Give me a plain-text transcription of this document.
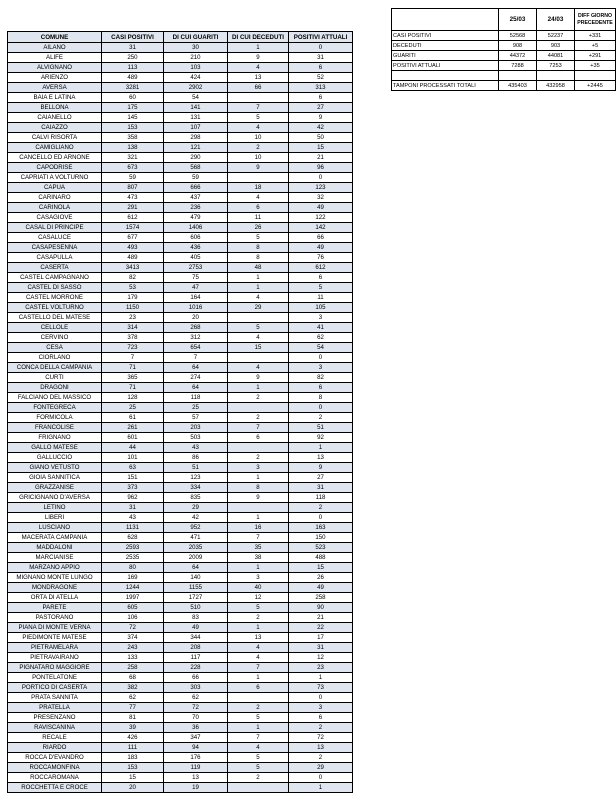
COMUNE	CASI POSITIVI	DI CUI GUARITI	DI CUI DECEDUTI	POSITIVI ATTUALI
AILANO	31	30	1	0
ALIFE	250	210	9	31
ALVIGNANO	113	103	4	6
ARIENZO	489	424	13	52
AVERSA	3281	2902	66	313
BAIA E LATINA	60	54		6
BELLONA	175	141	7	27
CAIANELLO	145	131	5	9
CAIAZZO	153	107	4	42
CALVI RISORTA	358	298	10	50
CAMIGLIANO	138	121	2	15
CANCELLO ED ARNONE	321	290	10	21
CAPODRISE	673	568	9	96
CAPRIATI A VOLTURNO	59	59		0
CAPUA	807	666	18	123
CARINARO	473	437	4	32
CARINOLA	291	236	6	49
CASAGIOVE	612	479	11	122
CASAL DI PRINCIPE	1574	1406	26	142
CASALUCE	677	606	5	66
CASAPESENNA	493	436	8	49
CASAPULLA	489	405	8	76
CASERTA	3413	2753	48	612
CASTEL CAMPAGNANO	82	75	1	6
CASTEL DI SASSO	53	47	1	5
CASTEL MORRONE	179	164	4	11
CASTEL VOLTURNO	1150	1016	29	105
CASTELLO DEL MATESE	23	20		3
CELLOLE	314	268	5	41
CERVINO	378	312	4	62
CESA	723	654	15	54
CIORLANO	7	7		0
CONCA DELLA CAMPANIA	71	64	4	3
CURTI	365	274	9	82
DRAGONI	71	64	1	6
FALCIANO DEL MASSICO	128	118	2	8
FONTEGRECA	25	25		0
FORMICOLA	61	57	2	2
FRANCOLISE	261	203	7	51
FRIGNANO	601	503	6	92
GALLO MATESE	44	43		1
GALLUCCIO	101	86	2	13
GIANO VETUSTO	63	51	3	9
GIOIA SANNITICA	151	123	1	27
GRAZZANISE	373	334	8	31
GRICIGNANO D'AVERSA	962	835	9	118
LETINO	31	29		2
LIBERI	43	42	1	0
LUSCIANO	1131	952	16	163
MACERATA CAMPANIA	628	471	7	150
MADDALONI	2593	2035	35	523
MARCIANISE	2535	2009	38	488
MARZANO APPIO	80	64	1	15
MIGNANO MONTE LUNGO	169	140	3	26
MONDRAGONE	1244	1155	40	49
ORTA DI ATELLA	1997	1727	12	258
PARETE	605	510	5	90
PASTORANO	106	83	2	21
PIANA DI MONTE VERNA	72	49	1	22
PIEDIMONTE MATESE	374	344	13	17
PIETRAMELARA	243	208	4	31
PIETRAVAIRANO	133	117	4	12
PIGNATARO MAGGIORE	258	228	7	23
PONTELATONE	68	66	1	1
PORTICO DI CASERTA	382	303	6	73
PRATA SANNITA	62	62		0
PRATELLA	77	72	2	3
PRESENZANO	81	70	5	6
RAVISCANINA	39	36	1	2
RECALE	426	347	7	72
RIARDO	111	94	4	13
ROCCA D'EVANDRO	183	176	5	2
ROCCAMONFINA	153	119	5	29
ROCCAROMANA	15	13	2	0
ROCCHETTA E CROCE	20	19		1
	25/03	24/03	DIFF GIORNO PRECEDENTE
CASI POSITIVI	52568	52237	+331
DECEDUTI	908	903	+5
GUARITI	44372	44081	+291
POSITIVI ATTUALI	7288	7253	+35

TAMPONI PROCESSATI TOTALI	435403	432958	+2445
